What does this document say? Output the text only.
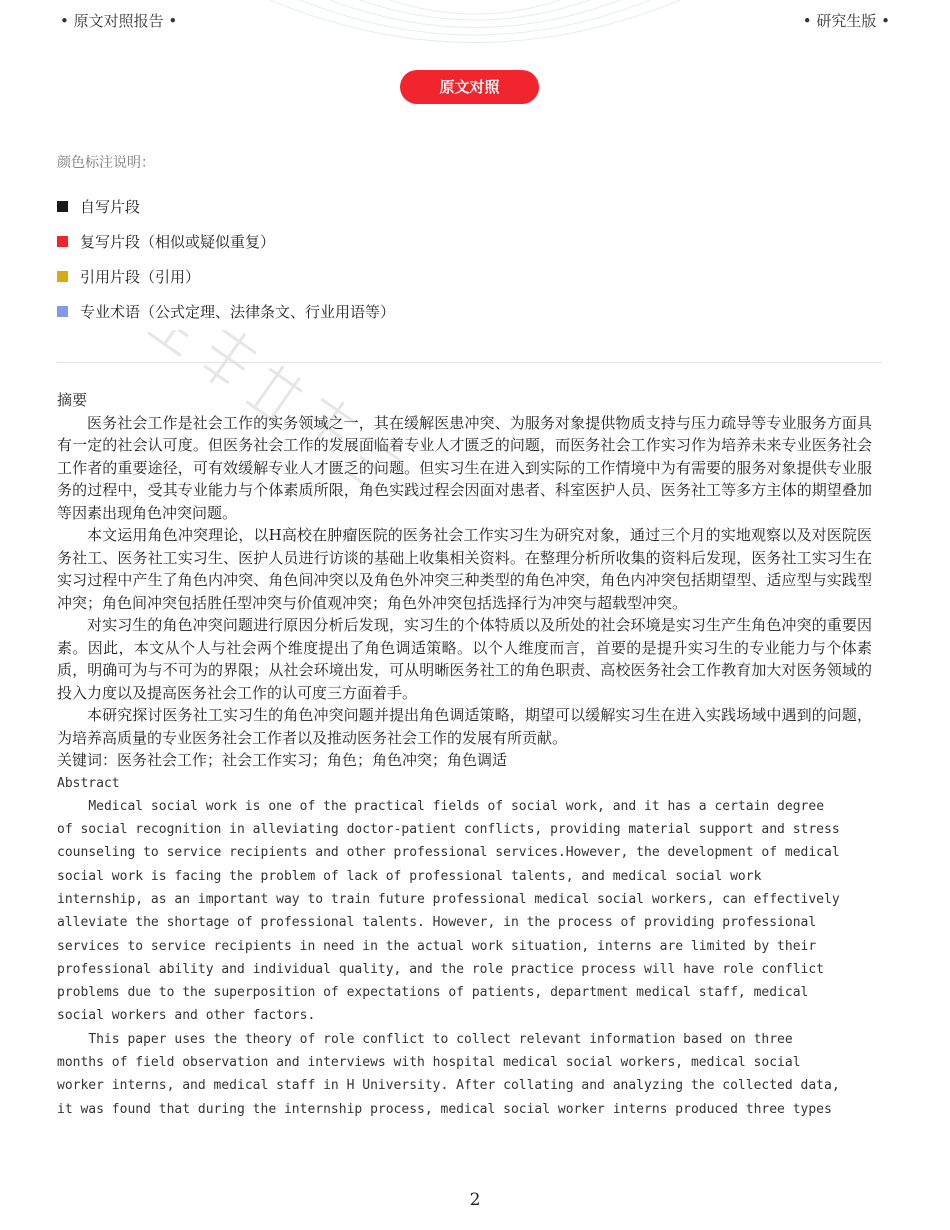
• 原文对照报告 •	• 研究生版 •
原文对照
颜色标注说明：
自写片段
复写片段（相似或疑似重复）
引用片段（引用）
专业术语（公式定理、法律条文、行业用语等）

摘要

医务社会工作是社会工作的实务领域之一，其在缓解医患冲突、为服务对象提供物质支持与压力疏导等专业服务方面具有一定的社会认可度。但医务社会工作的发展面临着专业人才匮乏的问题，而医务社会工作实习作为培养未来专业医务社会工作者的重要途径，可有效缓解专业人才匮乏的问题。但实习生在进入到实际的工作情境中为有需要的服务对象提供专业服务的过程中，受其专业能力与个体素质所限，角色实践过程会因面对患者、科室医护人员、医务社工等多方主体的期望叠加等因素出现角色冲突问题。

本文运用角色冲突理论，以H高校在肿瘤医院的医务社会工作实习生为研究对象，通过三个月的实地观察以及对医院医务社工、医务社工实习生、医护人员进行访谈的基础上收集相关资料。在整理分析所收集的资料后发现，医务社工实习生在实习过程中产生了角色内冲突、角色间冲突以及角色外冲突三种类型的角色冲突，角色内冲突包括期望型、适应型与实践型冲突；角色间冲突包括胜任型冲突与价值观冲突；角色外冲突包括选择行为冲突与超载型冲突。

对实习生的角色冲突问题进行原因分析后发现，实习生的个体特质以及所处的社会环境是实习生产生角色冲突的重要因素。因此，本文从个人与社会两个维度提出了角色调适策略。以个人维度而言，首要的是提升实习生的专业能力与个体素质，明确可为与不可为的界限；从社会环境出发，可从明晰医务社工的角色职责、高校医务社会工作教育加大对医务领域的投入力度以及提高医务社会工作的认可度三方面着手。

本研究探讨医务社工实习生的角色冲突问题并提出角色调适策略，期望可以缓解实习生在进入实践场域中遇到的问题，为培养高质量的专业医务社会工作者以及推动医务社会工作的发展有所贡献。

关键词：医务社会工作；社会工作实习；角色；角色冲突；角色调适

Abstract

Medical social work is one of the practical fields of social work, and it has a certain degree
of social recognition in alleviating doctor-patient conflicts, providing material support and stress
counseling to service recipients and other professional services.However, the development of medical
social work is facing the problem of lack of professional talents, and medical social work
internship, as an important way to train future professional medical social workers, can effectively
alleviate the shortage of professional talents. However, in the process of providing professional
services to service recipients in need in the actual work situation, interns are limited by their
professional ability and individual quality, and the role practice process will have role conflict
problems due to the superposition of expectations of patients, department medical staff, medical
social workers and other factors.

This paper uses the theory of role conflict to collect relevant information based on three
months of field observation and interviews with hospital medical social workers, medical social
worker interns, and medical staff in H University. After collating and analyzing the collected data,
it was found that during the internship process, medical social worker interns produced three types

2
